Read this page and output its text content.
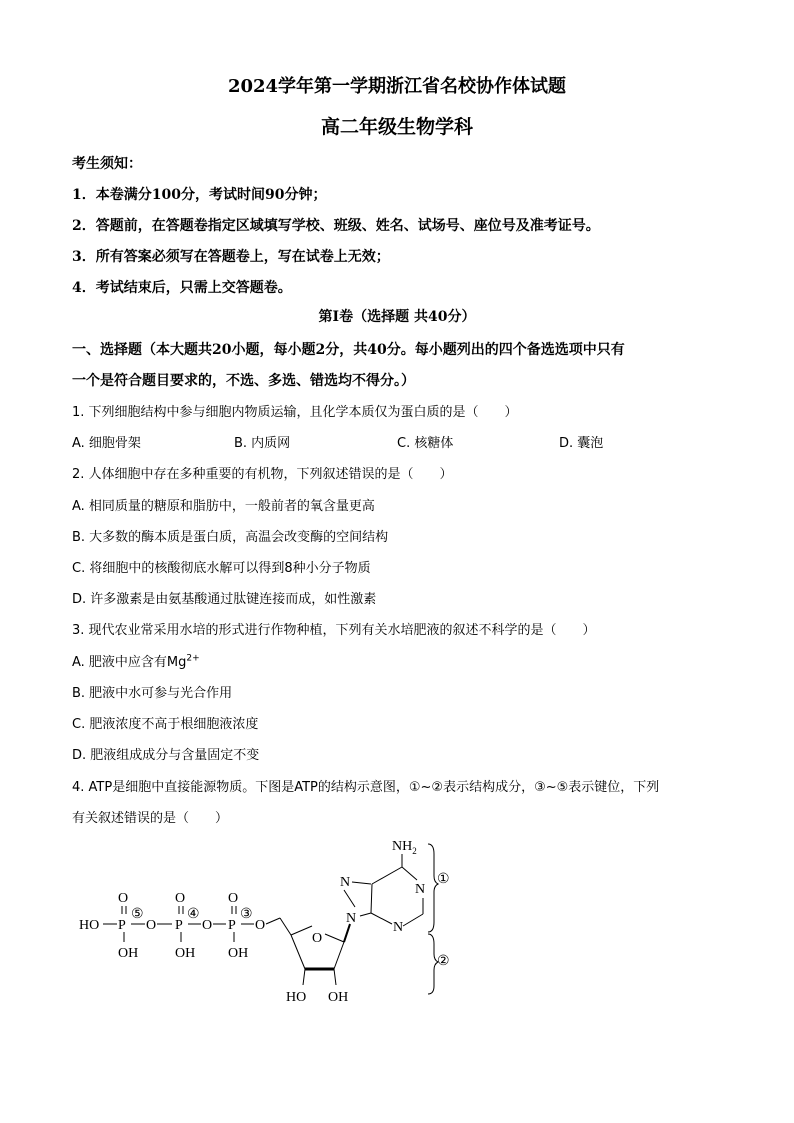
2024学年第一学期浙江省名校协作体试题
高二年级生物学科
考生须知：
1．本卷满分100分，考试时间90分钟；
2．答题前，在答题卷指定区域填写学校、班级、姓名、试场号、座位号及准考证号。
3．所有答案必须写在答题卷上，写在试卷上无效；
4．考试结束后，只需上交答题卷。
第Ⅰ卷（选择题 共40分）
一、选择题（本大题共20小题，每小题2分，共40分。每小题列出的四个备选选项中只有
一个是符合题目要求的，不选、多选、错选均不得分。）
1. 下列细胞结构中参与细胞内物质运输，且化学本质仅为蛋白质的是（　　）
A. 细胞骨架	B. 内质网	C. 核糖体	D. 囊泡
2. 人体细胞中存在多种重要的有机物，下列叙述错误的是（　　）
A. 相同质量的糖原和脂肪中，一般前者的氧含量更高
B. 大多数的酶本质是蛋白质，高温会改变酶的空间结构
C. 将细胞中的核酸彻底水解可以得到8种小分子物质
D. 许多激素是由氨基酸通过肽键连接而成，如性激素
3. 现代农业常采用水培的形式进行作物种植，下列有关水培肥液的叙述不科学的是（　　）
A. 肥液中应含有$Mg^{2+}$
B. 肥液中水可参与光合作用
C. 肥液浓度不高于根细胞液浓度
D. 肥液组成成分与含量固定不变
4. ATP是细胞中直接能源物质。下图是ATP的结构示意图，①~②表示结构成分，③~⑤表示键位，下列
有关叙述错误的是（　　）
HO P
O
OH
⑤
O P
O
OH
④
O P
O
OH
③
O
O
HO OH
N
N
$NH_2$
N
N
①
②
